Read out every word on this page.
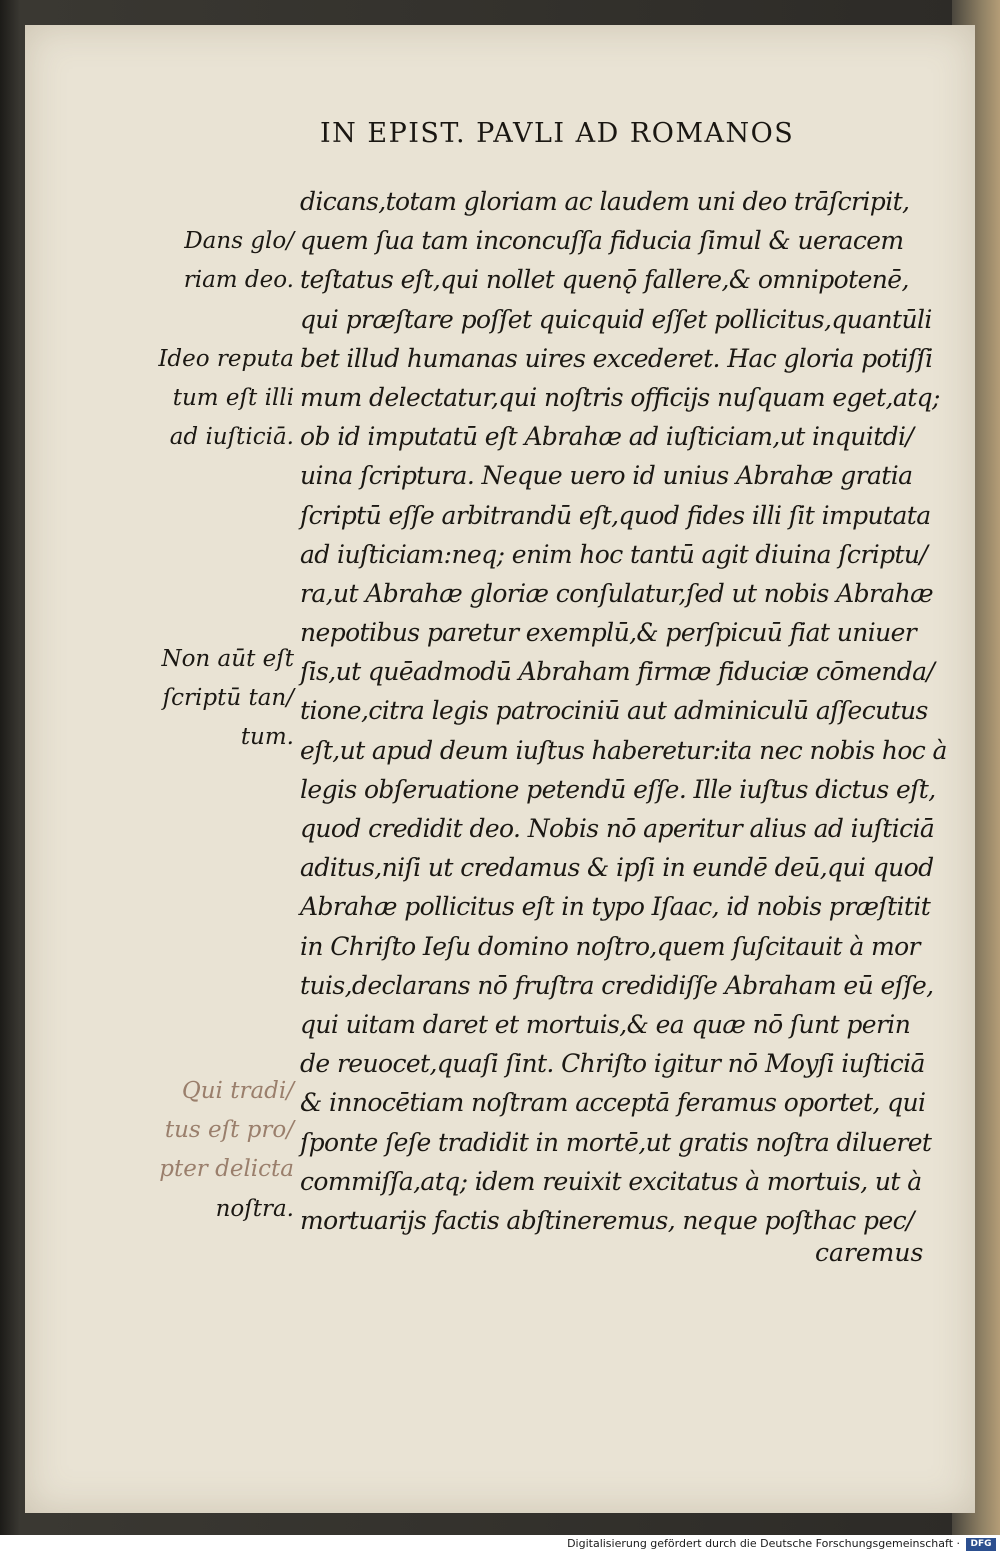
IN EPIST. PAVLI AD ROMANOS
dicans,totam gloriam ac laudem uni deo trāſcripit,
quem ſua tam inconcuſſa fiducia ſimul & ueracem
teſtatus eſt,qui nollet quenǭ fallere,& omnipotenē,
qui præſtare poſſet quicquid eſſet pollicitus,quantūli
bet illud humanas uires excederet. Hac gloria potiſſi
mum delectatur,qui noſtris officijs nuſquam eget,atq;
ob id imputatū eſt Abrahæ ad iuſticiam,ut inquitdi/
uina ſcriptura. Neque uero id unius Abrahæ gratia
ſcriptū eſſe arbitrandū eſt,quod fides illi ſit imputata
ad iuſticiam:neq; enim hoc tantū agit diuina ſcriptu/
ra,ut Abrahæ gloriæ conſulatur,ſed ut nobis Abrahæ
nepotibus paretur exemplū,& perſpicuū fiat uniuer
ſis,ut quēadmodū Abraham firmæ fiduciæ cōmenda/
tione,citra legis patrociniū aut adminiculū aſſecutus
eſt,ut apud deum iuſtus haberetur:ita nec nobis hoc à
legis obſeruatione petendū eſſe. Ille iuſtus dictus eſt,
quod credidit deo. Nobis nō aperitur alius ad iuſticiā
aditus,niſi ut credamus & ipſi in eundē deū,qui quod
Abrahæ pollicitus eſt in typo Iſaac, id nobis præſtitit
in Chriſto Ieſu domino noſtro,quem ſuſcitauit à mor
tuis,declarans nō fruſtra credidiſſe Abraham eū eſſe,
qui uitam daret et mortuis,& ea quæ nō ſunt perin
de reuocet,quaſi ſint. Chriſto igitur nō Moyſi iuſticiā
& innocētiam noſtram acceptā feramus oportet, qui
ſponte ſeſe tradidit in mortē,ut gratis noſtra dilueret
commiſſa,atq; idem reuixit excitatus à mortuis, ut à
mortuarijs factis abſtineremus, neque poſthac pec/
caremus
Dans glo/
riam deo.
Ideo reputa
tum eſt illi
ad iuſticiā.
Non aūt eſt
ſcriptū tan/
tum.
Qui tradi/
tus eſt pro/
pter delicta
noſtra.
Digitalisierung gefördert durch die Deutsche Forschungsgemeinschaft ·	DFG
